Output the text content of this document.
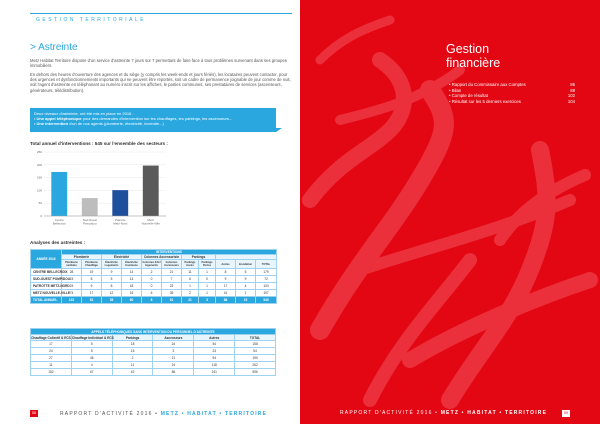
GESTION TERRITORIALE
> Astreinte
Metz Habitat Territoire dispose d'un service d'astreinte 7 jours sur 7 permettant de faire face à tous problèmes survenant dans ses groupes immobiliers.
En dehors des heures d'ouverture des agences et du siège (y compris les week-ends et jours fériés), les locataires peuvent contacter, pour des urgences et dysfonctionnements importants qui ne peuvent être reportés, soit un cadre de permanence joignable de jour comme de nuit, soit l'agent d'astreinte en téléphonant au numéro inscrit sur les affiches, le parties communes, ses prestataires de services (ascenseurs, générateurs, télédistribution).
Deux niveaux d'astreinte, ont été mis en place en 2016 :
• Une appel téléphonique pour des demandes d'intervention sur les chauffages, les parkings, les ascenseurs...
• Une intervention d'un de nos agents (plomberie, électricité, incendie...)
Total annuel d'interventions : 545 sur l'ensemble des secteurs :
0
50
100
150
200
250
Centre
Bellecroix
Sud-Ouest
Pompidou
Patrotte
Metz-Nord
Metz
Nouvelle-Ville
Analyses des astreintes :
ANNÉE 2016	INTERVENTIONS										
	Plomberie		Électricité		Colonnes Ascensoriste		Parkings				
	Plomberie sanitaire	Plomberie Chauffage	Électricité Logements	Électricité Communs	Colonnes EAU logements	Colonnes Ascenseurs	Parkings Accès	Parkings Portes	Autres	Inondation	TOTAL
CENTRE BELLECROIX	28	19	9	14	2	21	11	1	8	5	179
SUD-OUEST POMPIDOU	15	8	5	13	0	7	6	0	9	9	72
PATROTTE METZ-NORD	23	9	8	18	0	23	1	1	17	4	103
METZ NOUVELLE-VILLE	74	17	12	15	6	35	2	1	41	1	197
TOTAL ANNUEL	143	51	39	60	8	91	21	3	88	19	545
APPELS TÉLÉPHONIQUES SANS INTERVENTION DU PERSONNEL D'ASTREINTE					
Chauffage Collectif & ECS	Chauffage Individuel & ECS	Parkings	Ascenseurs	Autres	TOTAL
17	5	18	24	54	158
24	5	15	3	23	54
27	46	2	21	94	190
11	4	11	24	118	262
152	67	42	86	241	596
58	RAPPORT D'ACTIVITÉ 2016 • METZ • HABITAT • TERRITOIRE
Gestion
financière
• Rapport du Commissaire aux Comptes	86
• Bilan	88
• Compte de résultat	102
• Résultat sur les 5 derniers exercices	104
RAPPORT D'ACTIVITÉ 2016 • METZ • HABITAT • TERRITOIRE	59
